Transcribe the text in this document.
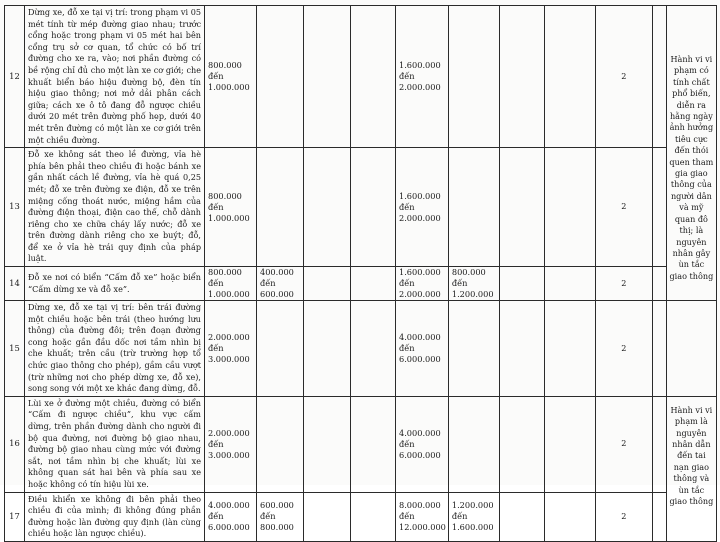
12	Dừng xe, đỗ xe tại vị trí: trong phạm vi 05 mét tính từ mép đường giao nhau; trước cổng hoặc trong phạm vi 05 mét hai bên cổng trụ sở cơ quan, tổ chức có bố trí đường cho xe ra, vào; nơi phần đường có bề rộng chỉ đủ cho một làn xe cơ giới; che khuất biển báo hiệu đường bộ, đèn tín hiệu giao thông; nơi mở dải phân cách giữa; cách xe ô tô đang đỗ ngược chiều dưới 20 mét trên đường phố hẹp, dưới 40 mét trên đường có một làn xe cơ giới trên một chiều đường.	800.000 đến 1.000.000				1.600.000 đến 2.000.000				2		Hành vi vi phạm có tính chất phổ biến, diễn ra hằng ngày ảnh hưởng tiêu cực đến thói quen tham gia giao thông của người dân và mỹ quan đô thị; là nguyên nhân gây ùn tắc giao thông
13	Đỗ xe không sát theo lề đường, vỉa hè phía bên phải theo chiều đi hoặc bánh xe gần nhất cách lề đường, vỉa hè quá 0,25 mét; đỗ xe trên đường xe điện, đỗ xe trên miệng cống thoát nước, miệng hầm của đường điện thoại, điện cao thế, chỗ dành riêng cho xe chữa cháy lấy nước; đỗ xe trên đường dành riêng cho xe buýt; đỗ, để xe ở vỉa hè trái quy định của pháp luật.	800.000 đến 1.000.000				1.600.000 đến 2.000.000				2		
14	Đỗ xe nơi có biển “Cấm đỗ xe” hoặc biển “Cấm dừng xe và đỗ xe”.	800.000 đến 1.000.000	400.000 đến 600.000			1.600.000 đến 2.000.000	800.000 đến 1.200.000			2		
15	Dừng xe, đỗ xe tại vị trí: bên trái đường một chiều hoặc bên trái (theo hướng lưu thông) của đường đôi; trên đoạn đường cong hoặc gần đầu dốc nơi tầm nhìn bị che khuất; trên cầu (trừ trường hợp tổ chức giao thông cho phép), gầm cầu vượt (trừ những nơi cho phép dừng xe, đỗ xe), song song với một xe khác đang dừng, đỗ.	2.000.000 đến 3.000.000				4.000.000 đến 6.000.000				2		
16	Lùi xe ở đường một chiều, đường có biển “Cấm đi ngược chiều”, khu vực cấm dừng, trên phần đường dành cho người đi bộ qua đường, nơi đường bộ giao nhau, đường bộ giao nhau cùng mức với đường sắt, nơi tầm nhìn bị che khuất; lùi xe không quan sát hai bên và phía sau xe hoặc không có tín hiệu lùi xe.	2.000.000 đến 3.000.000				4.000.000 đến 6.000.000				2		Hành vi vi phạm là nguyên nhân dẫn đến tai nạn giao thông và ùn tắc giao thông
17	Điều khiển xe không đi bên phải theo chiều đi của mình; đi không đúng phần đường hoặc làn đường quy định (làn cùng chiều hoặc làn ngược chiều).	4.000.000 đến 6.000.000	600.000 đến 800.000			8.000.000 đến 12.000.000	1.200.000 đến 1.600.000			2		
